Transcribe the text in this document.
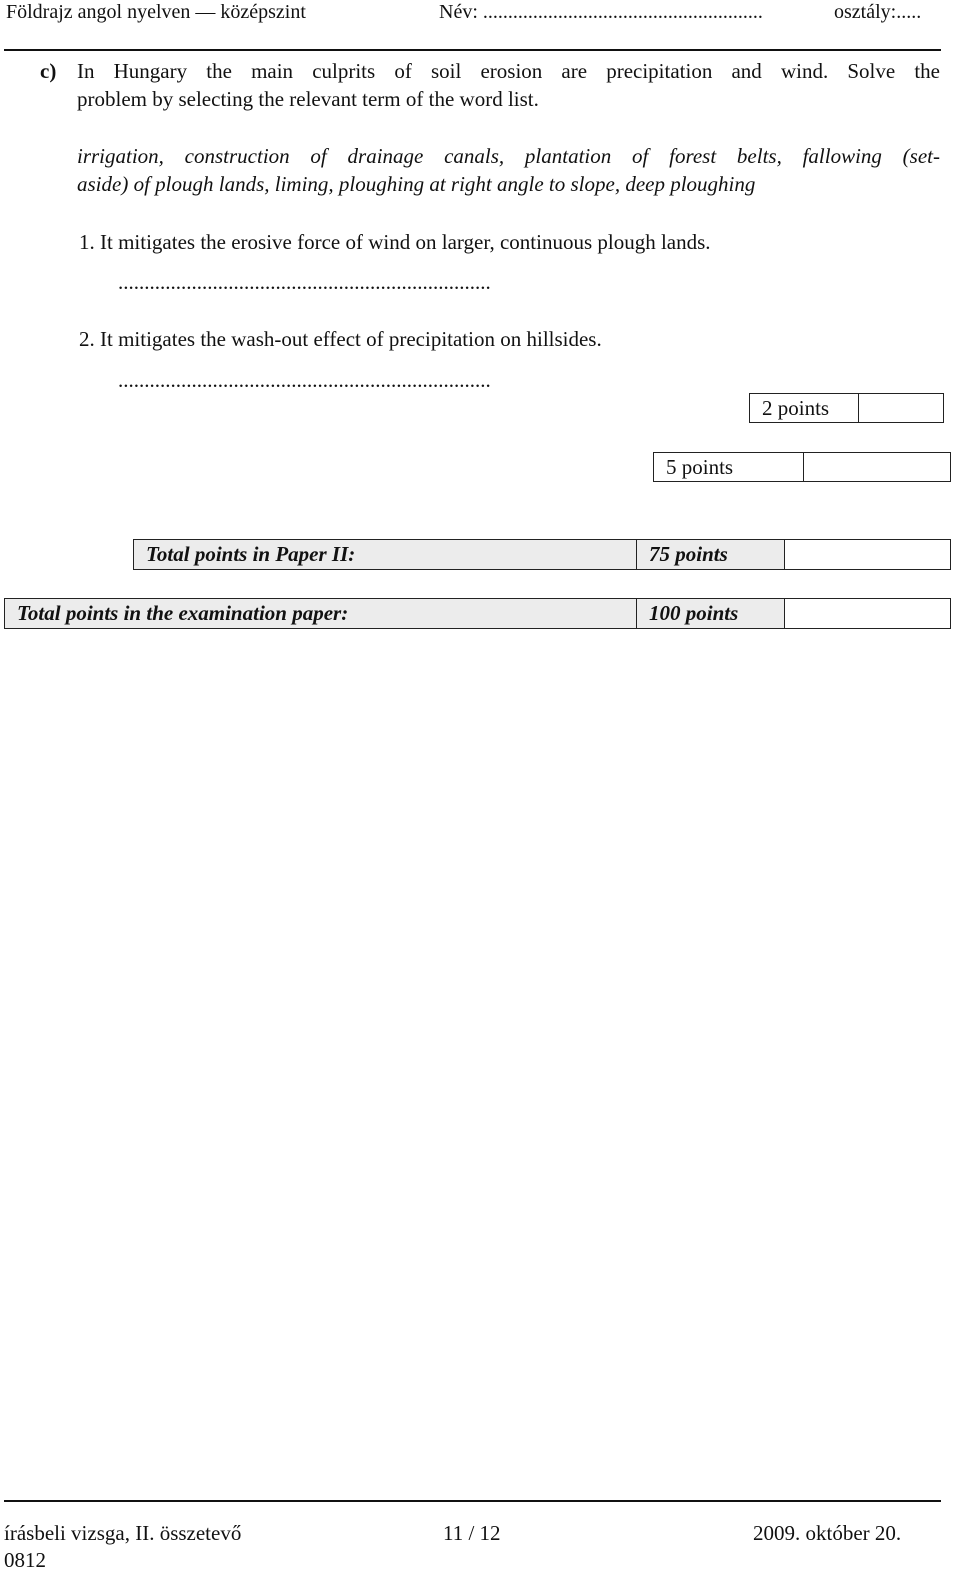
Földrajz angol nyelven — középszint	Név: ........................................................	osztály:.....
c) In Hungary the main culprits of soil erosion are precipitation and wind. Solve the
problem by selecting the relevant term of the word list.
irrigation, construction of drainage canals, plantation of forest belts, fallowing (set-
aside) of plough lands, liming, ploughing at right angle to slope, deep ploughing
1. It mitigates the erosive force of wind on larger, continuous plough lands.
.......................................................................
2. It mitigates the wash-out effect of precipitation on hillsides.
.......................................................................
2 points
5 points
Total points in Paper II:	75 points
Total points in the examination paper:	100 points
írásbeli vizsga, II. összetevő	11 / 12	2009. október 20.
0812
